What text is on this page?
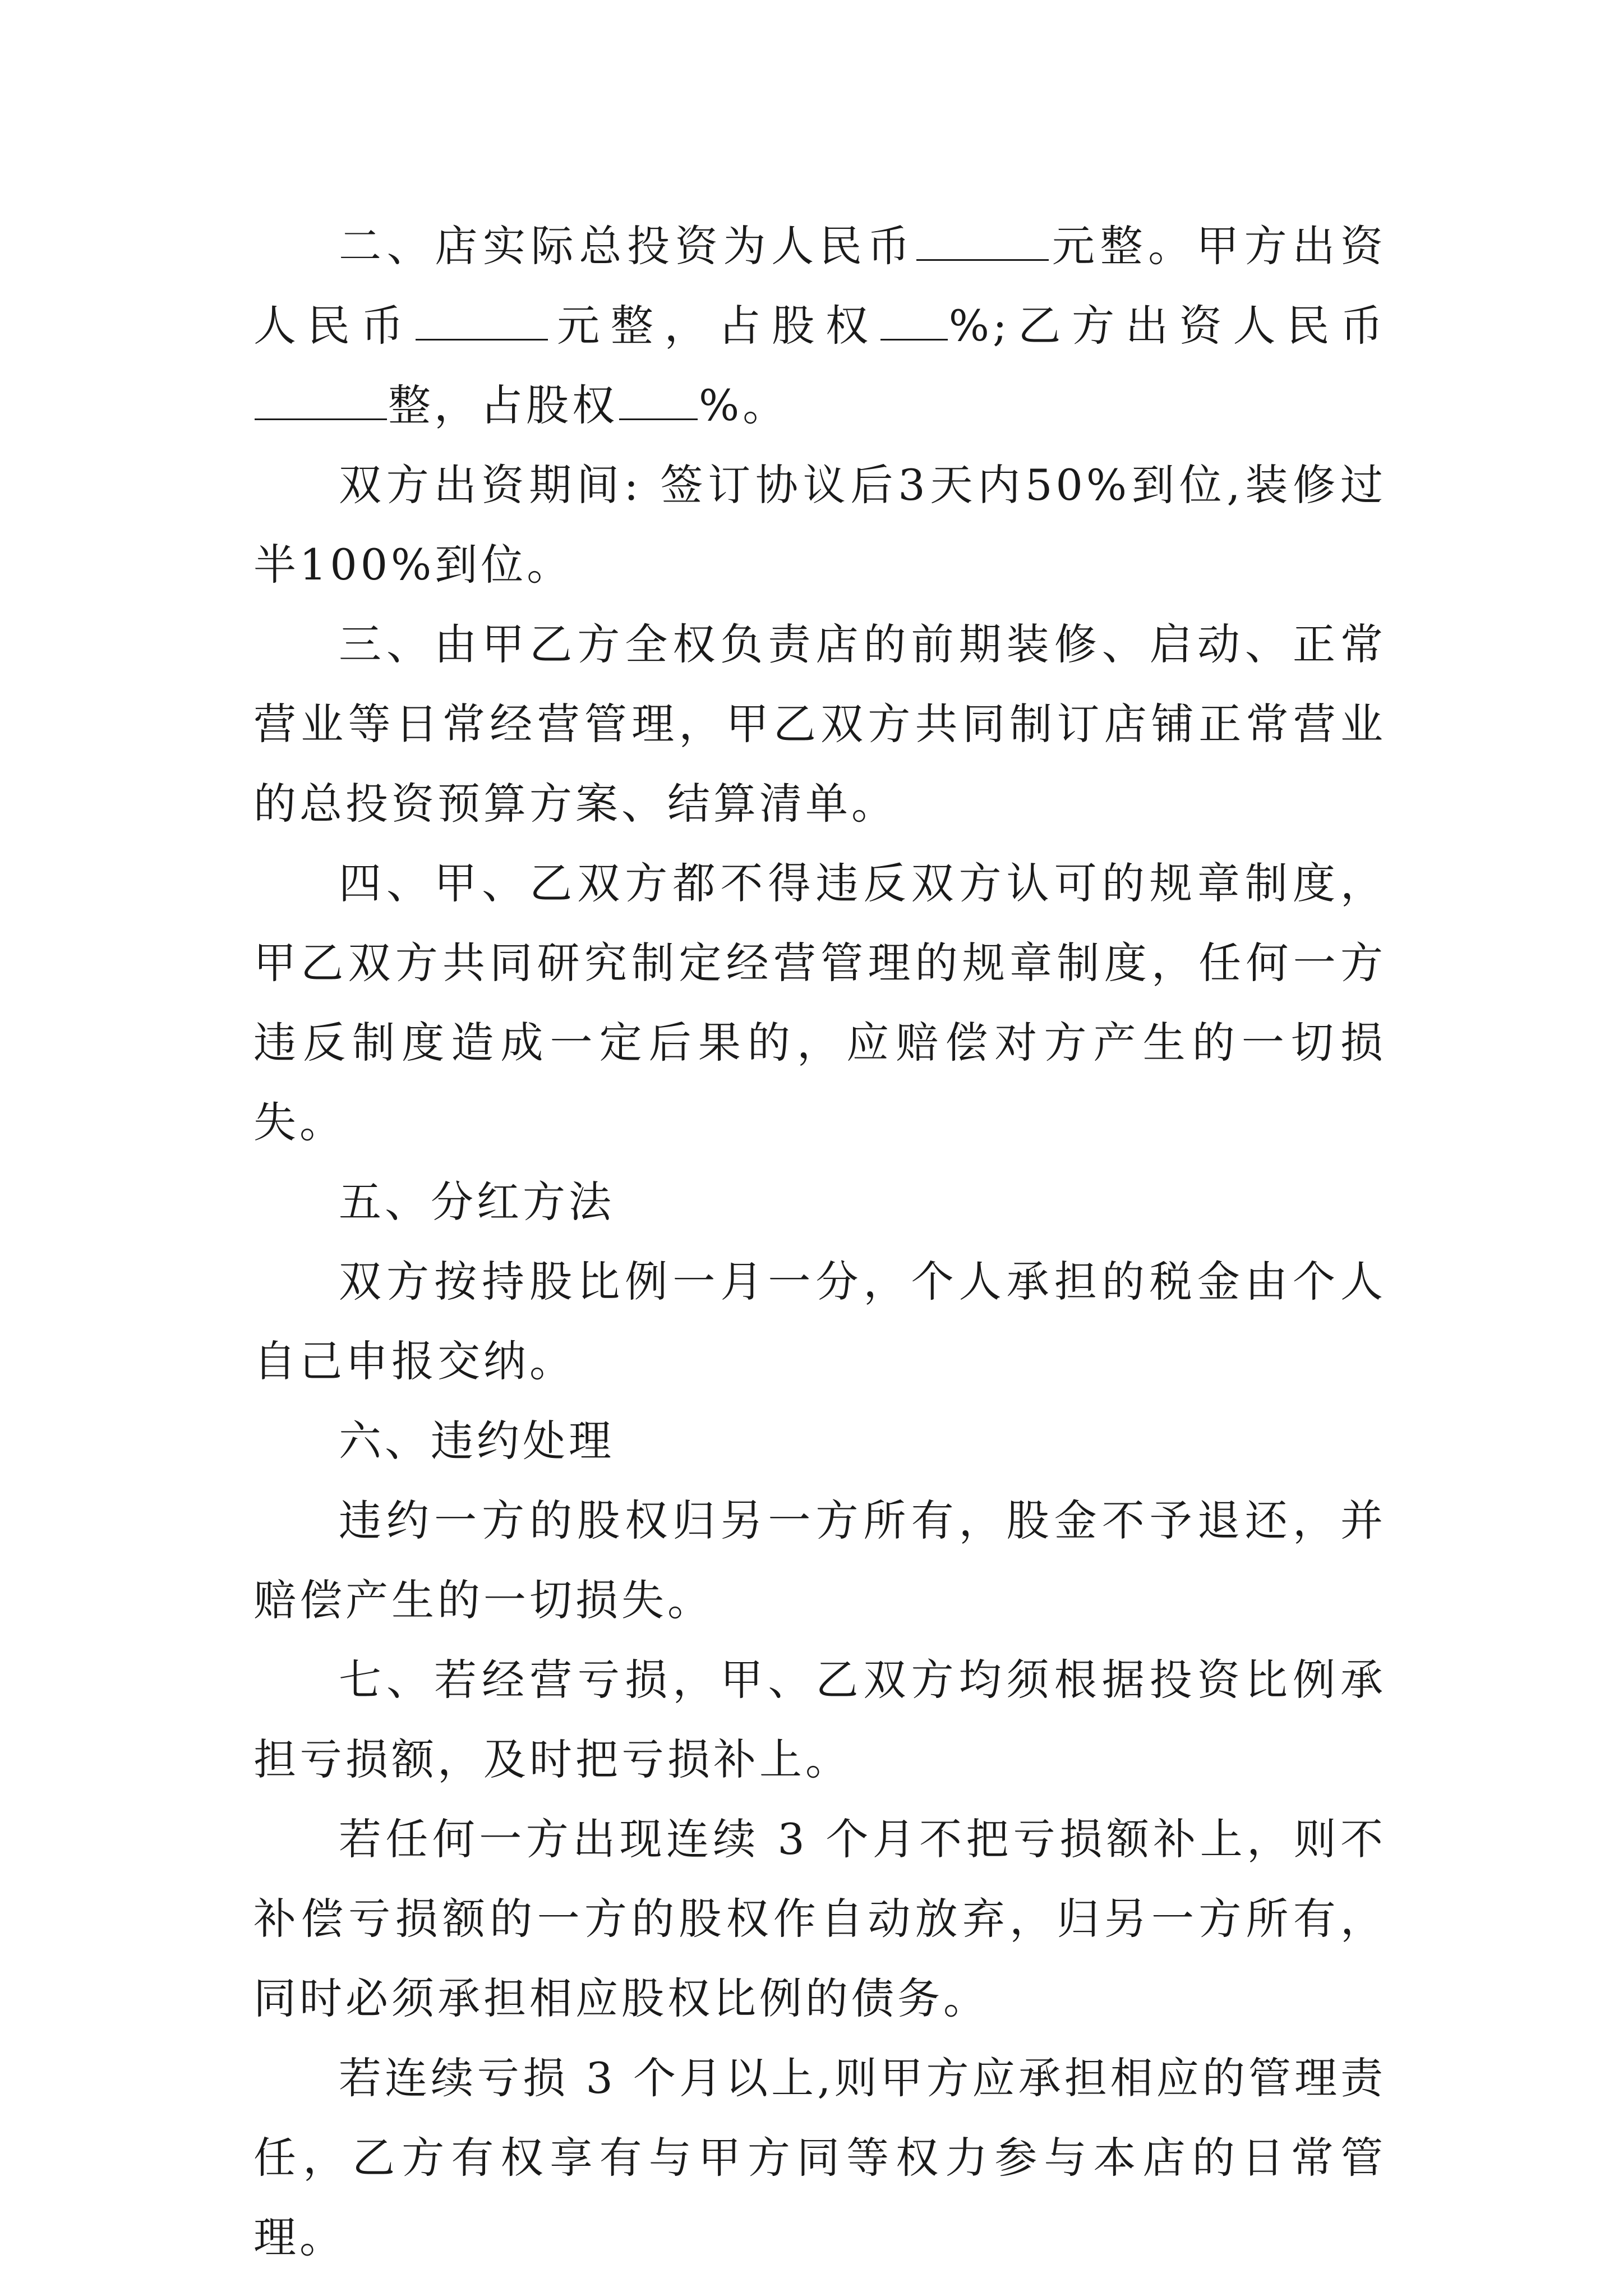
二、店实际总投资为人民币	元整。甲方出资人民币	元整，占股权 %;乙方出资人民币整，占股权 %。

双方出资期间: 签订协议后3天内50%到位,装修过半100%到位。

三、由甲乙方全权负责店的前期装修、启动、正常营业等日常经营管理，甲乙双方共同制订店铺正常营业的总投资预算方案、结算清单。

四、甲、乙双方都不得违反双方认可的规章制度，甲乙双方共同研究制定经营管理的规章制度，任何一方违反制度造成一定后果的，应赔偿对方产生的一切损失。

五、分红方法

双方按持股比例一月一分，个人承担的税金由个人自己申报交纳。

六、违约处理

违约一方的股权归另一方所有，股金不予退还，并赔偿产生的一切损失。

七、若经营亏损，甲、乙双方均须根据投资比例承担亏损额，及时把亏损补上。

若任何一方出现连续 3 个月不把亏损额补上，则不补偿亏损额的一方的股权作自动放弃，归另一方所有，同时必须承担相应股权比例的债务。

若连续亏损 3 个月以上,则甲方应承担相应的管理责任，乙方有权享有与甲方同等权力参与本店的日常管理。
